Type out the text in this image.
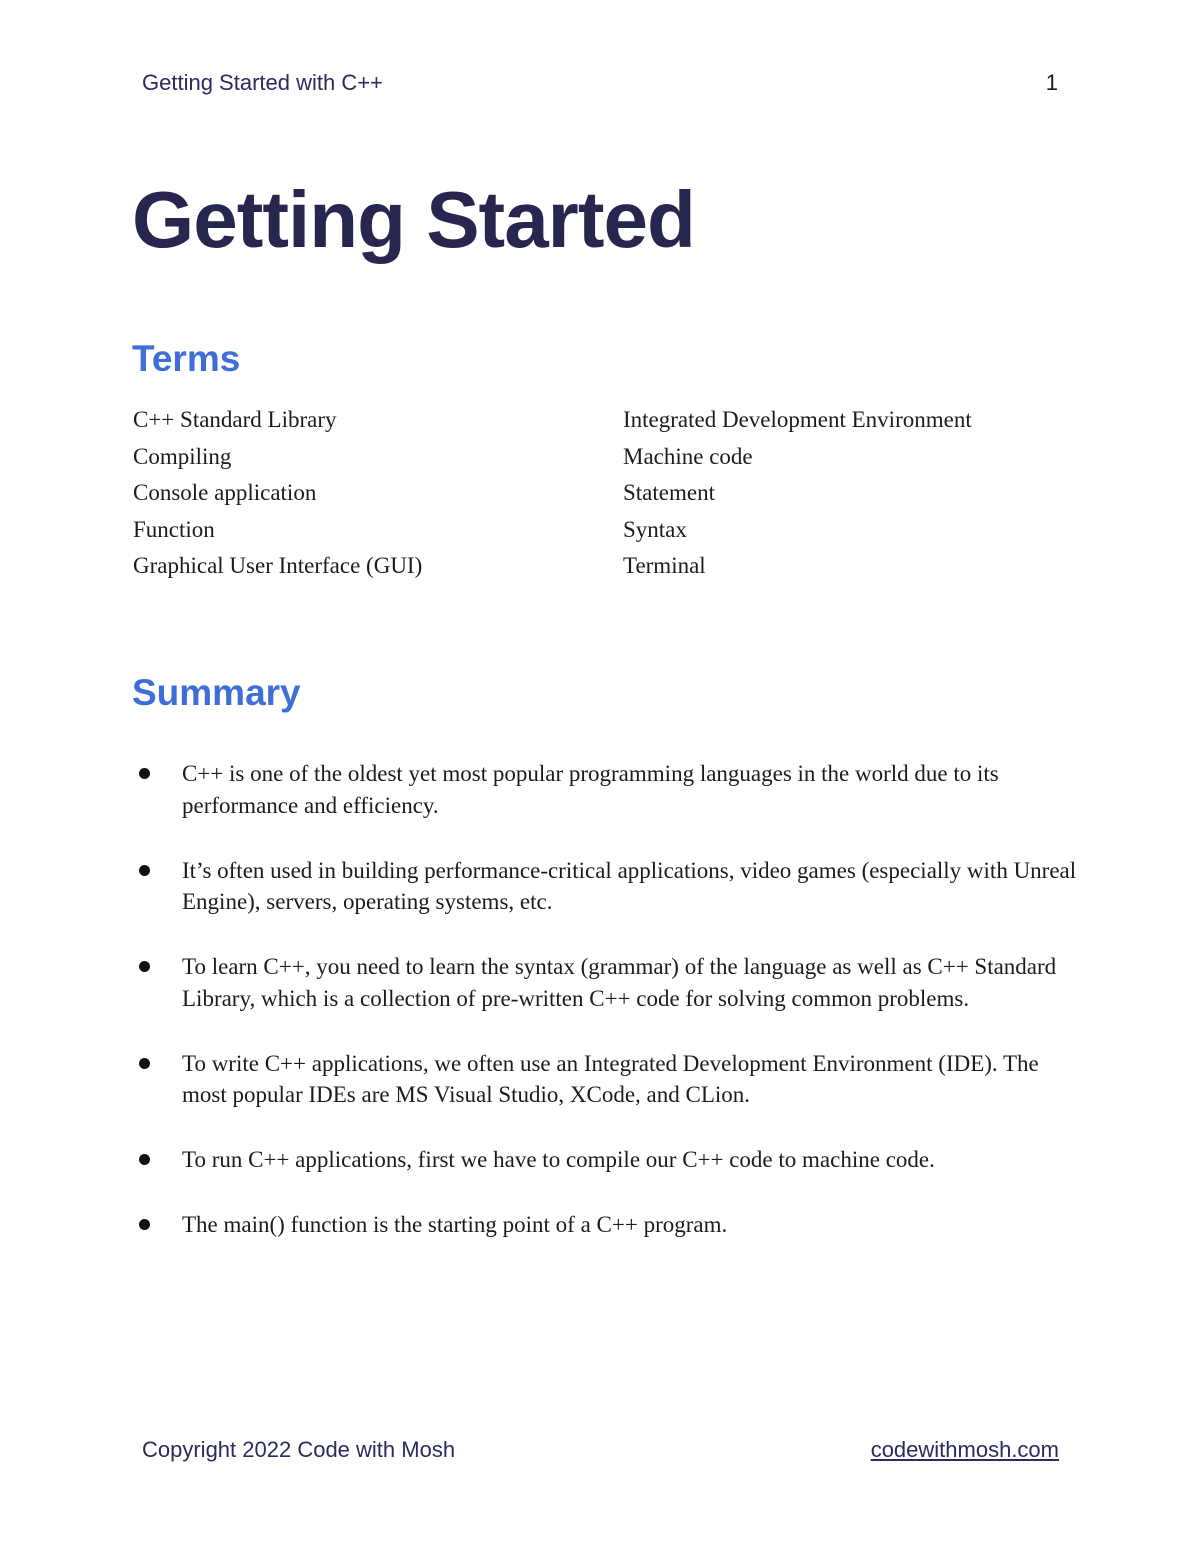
Getting Started with C++	1
Getting Started
Terms
C++ Standard Library	Integrated Development Environment
Compiling	Machine code
Console application	Statement
Function	Syntax
Graphical User Interface (GUI)	Terminal
Summary
C++ is one of the oldest yet most popular programming languages in the world due to its performance and efficiency.
It’s often used in building performance-critical applications, video games (especially with Unreal Engine), servers, operating systems, etc.
To learn C++, you need to learn the syntax (grammar) of the language as well as C++ Standard Library, which is a collection of pre-written C++ code for solving common problems.
To write C++ applications, we often use an Integrated Development Environment (IDE). The most popular IDEs are MS Visual Studio, XCode, and CLion.
To run C++ applications, first we have to compile our C++ code to machine code.
The main() function is the starting point of a C++ program.
Copyright 2022 Code with Mosh	codewithmosh.com
